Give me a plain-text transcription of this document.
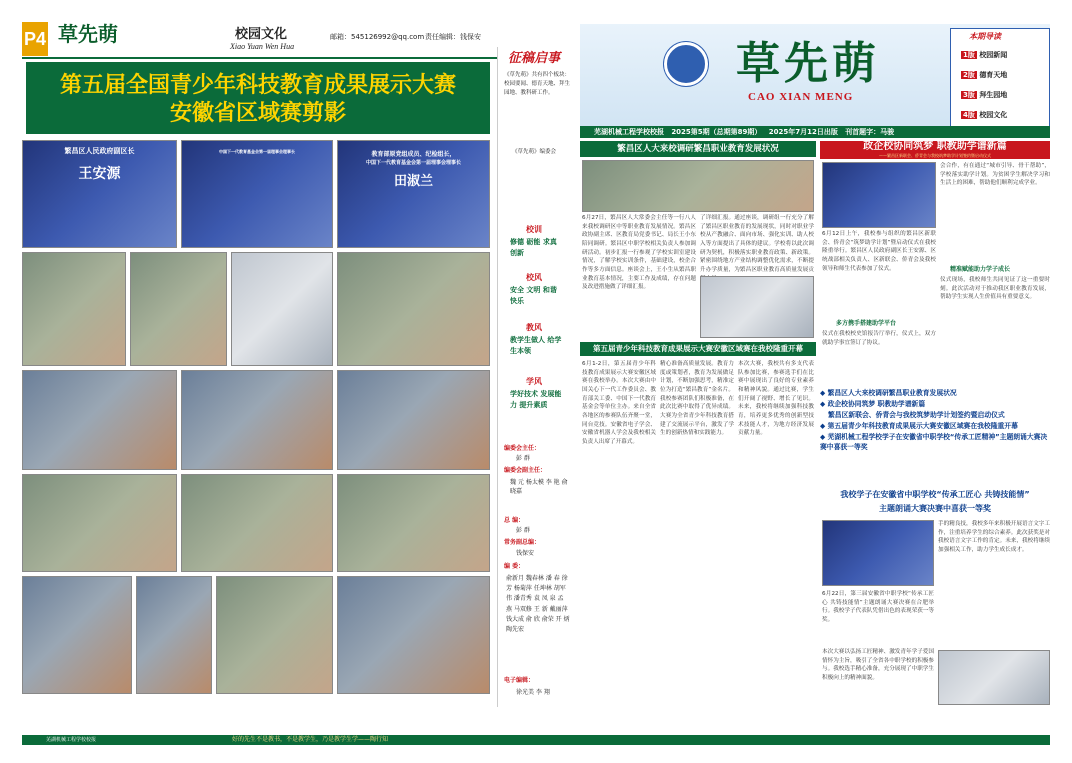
P4 草先萌	校园文化
Xiao Yuan Wen Hua
邮箱：545126992@qq.com 责任编辑：钱保安
第五届全国青少年科技教育成果展示大赛
安徽省区域赛剪影
繁昌区人民政府副区长
王安源
中国下一代教育基金会第一届理事会理事长	教育部原党组成员、纪检组长，
中国下一代教育基金会第一届理事会理事长
田淑兰
征稿启事
《草先萌》共有四个板块：校园要闻、德育天地、拜生园地、教科研工作。
《草先萌》编委会
校训
修德 砺能 求真 创新
校风
安全 文明 和谐 快乐
教风
教学生做人 给学生本领
学风
学好技术 发展能力 提升素质
编委会主任：
彭 群
编委会副主任：
魏 元 杨太模 李 艳 俞晓嘉
总 编：
彭 群
常务副总编：
钱保安
编 委：
俞新月 魏春林 潘 春 徐 芳 杨菊萍 任坤林 胡军伟 潘青秀 袁 凤 泉 孟 燕 马双修 王 新 戴丽萍 钱大成 俞 欣 俞荣 开 炳 陶先宏
电子编辑：
徐光美 李 翔
草先萌
CAO XIAN MENG
本期导读
1版 校园新闻
2版 德育天地
3版 拜生园地
4版 校园文化
芜湖机械工程学校校报 2025第5期（总期第89期） 2025年7月12日出版 刊首题字：马骏
繁昌区人大来校调研繁昌职业教育发展状况
6月27日，繁昌区人大常委会主任等一行八人来我校调研区中等职业教育发展情况。繁昌区政协副主席、区教育局党委书记、局长王小东陪同调研。繁昌区中职学校相关负责人参加调研活动。初步汇报一行参观了学校实训室建设情况，了解学校实训条件，基础建设，校企合作等多方面信息。座谈会上，王小生从繁昌职业教育基本情况，主要工作及成绩，存在问题及改进措施做了详细汇报。
了详细汇报。通过座谈，调研组一行充分了解了繁昌区职业教育的发展现状，同时对职业学校从产教融合、面向市场、强化实训、助人校入等方面提出了具体的建议。学校将以此次调研为契机，积极落实职业教育政策、新政策。紧密围绕地方产业结构调整优化需求，不断提升办学质量，为繁昌区职业教育高质量发展贡
第五届青少年科技教育成果展示大赛安徽区域赛在我校隆重开幕
6月1-2日，第五届青少年科技教育成果展示大赛安徽区域赛在我校举办。本次大赛由中国关心下一代工作委员会、教育部关工委、中国下一代教育基金会等单位主办。来自全省各地区的参赛队伍齐聚一堂，同台竞技。安徽省电子学会、安徽省机器人学会及我校相关负责人出席了开幕式。
精心准备高质量发展。教育力度或策划者，教育为发展做足计划，不断加强思考，精准定位为打造“繁昌教育”金名片。我校参赛团队们积极准备，在此次比赛中取得了优异成绩。大赛为全省青少年科技教育搭建了交流展示平台，激发了学生的创新热情和实践能力。
本次大赛，我校共有多支代表队参加比赛，参赛选手们在比赛中展现出了良好的专业素养和精神风貌。通过比赛，学生们开阔了视野、增长了见识。未来，我校将继续加强科技教育，培养更多优秀的创新型技术技能人才，为地方经济发展贡献力量。
政企校协同筑梦 职教助学谱新篇
——繁昌区新联会、侨青会与我校筑梦助学计划签约暨启动仪式
6月12日上午，我校参与组织的繁昌区新联会、侨青会“筑梦助学计划”暨启动仪式在我校隆重举行。繁昌区人民政府副区长王安源、区统战部相关负责人、区新联会、侨青会及我校领导和师生代表参加了仪式。
多方携手搭建助学平台
仪式在我校校史馆报告厅举行，仪式上，双方就助学事宜签订了协议。
会合作，有在通过“城市引导、骨干帮助”，学校落实助学计划。为贫困学生解决学习和生活上的困难，帮助他们顺利完成学业。
精准赋能助力学子成长
仪式现场，我校师生共同见证了这一重要时刻。此次活动对于推动我区职业教育发展，帮助学生实现人生价值具有重要意义。
◆ 繁昌区人大来校调研繁昌职业教育发展状况
◆ 政企校协同筑梦 职教助学谱新篇
繁昌区新联会、侨青会与我校筑梦助学计划签约暨启动仪式
◆ 第五届青少年科技教育成果展示大赛安徽区域赛在我校隆重开幕
◆ 芜湖机械工程学校学子在安徽省中职学校“传承工匠精神”主题朗诵大赛决赛中喜获一等奖
我校学子在安徽省中职学校“传承工匠心 共铸技能情”
主题朗诵大赛决赛中喜获一等奖
手的精良技，我校多年来积极开展语言文字工作，注重培养学生的综合素养。此次获奖是对我校语言文字工作的肯定。未来，我校将继续加强相关工作，助力学生成长成才。
6月22日，第三届安徽省中职学校“传承工匠心 共铸技能情”主题朗诵大赛决赛在合肥举行。我校学子代表队凭借出色的表现荣获一等奖。
本次大赛以弘扬工匠精神、激发青年学子爱国情怀为主旨，吸引了全省各中职学校的积极参与。我校选手精心准备，充分展现了中职学生积极向上的精神面貌。
芜湖机械工程学校校报	好的先生不是教书，不是教学生，乃是教学生学——陶行知
